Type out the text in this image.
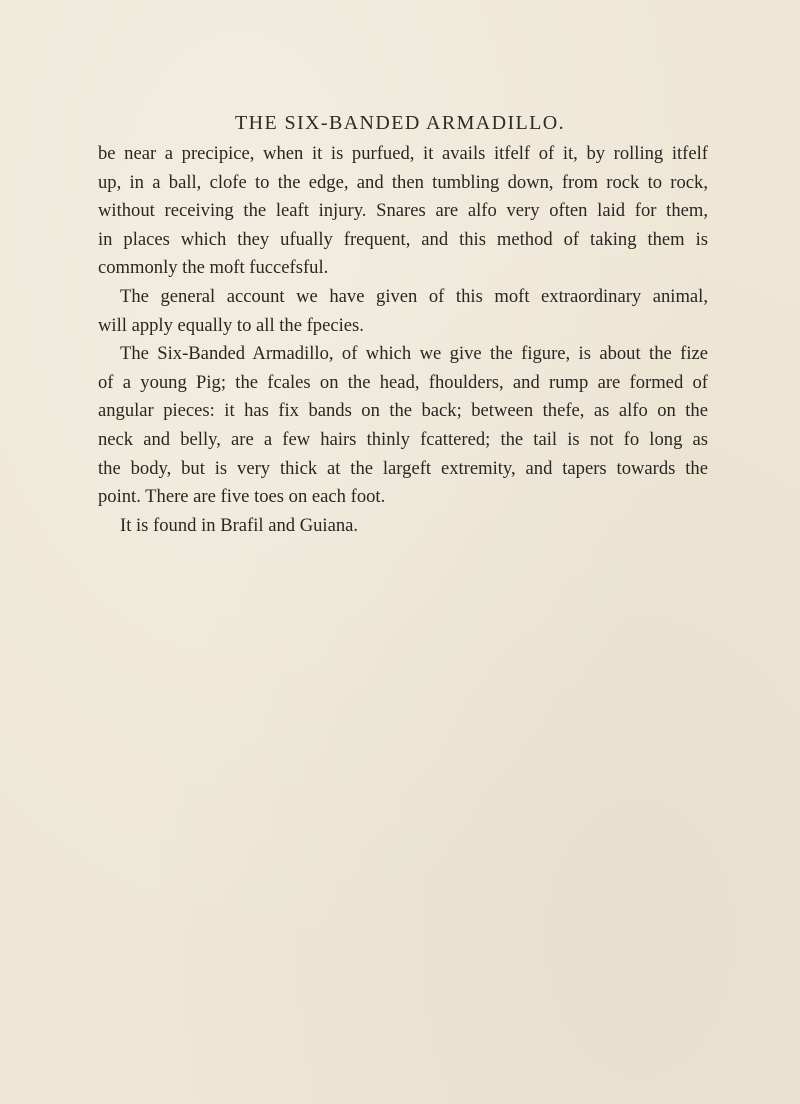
THE SIX-BANDED ARMADILLO.
be near a precipice, when it is purfued, it avails itfelf of it, by rolling itfelf
up, in a ball, clofe to the edge, and then tumbling down, from rock to rock,
without receiving the leaft injury. Snares are alfo very often laid for them,
in places which they ufually frequent, and this method of taking them is
commonly the moft fuccefsful.
The general account we have given of this moft extraordinary animal,
will apply equally to all the fpecies.
The Six-Banded Armadillo, of which we give the figure, is about the fize
of a young Pig; the fcales on the head, fhoulders, and rump are formed of
angular pieces: it has fix bands on the back; between thefe, as alfo on the
neck and belly, are a few hairs thinly fcattered; the tail is not fo long as
the body, but is very thick at the largeft extremity, and tapers towards the
point. There are five toes on each foot.
It is found in Brafil and Guiana.
